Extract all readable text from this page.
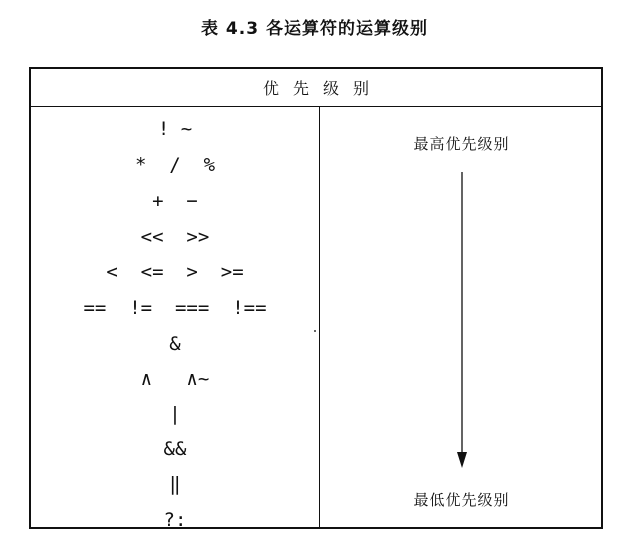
表 4.3 各运算符的运算级别
优先级别
! ~
*  /  %
+  −
<<  >>
<  <=  >  >=
==  !=  ===  !==
&
∧   ∧~
|
&&
‖
?:
最高优先级别
最低优先级别
